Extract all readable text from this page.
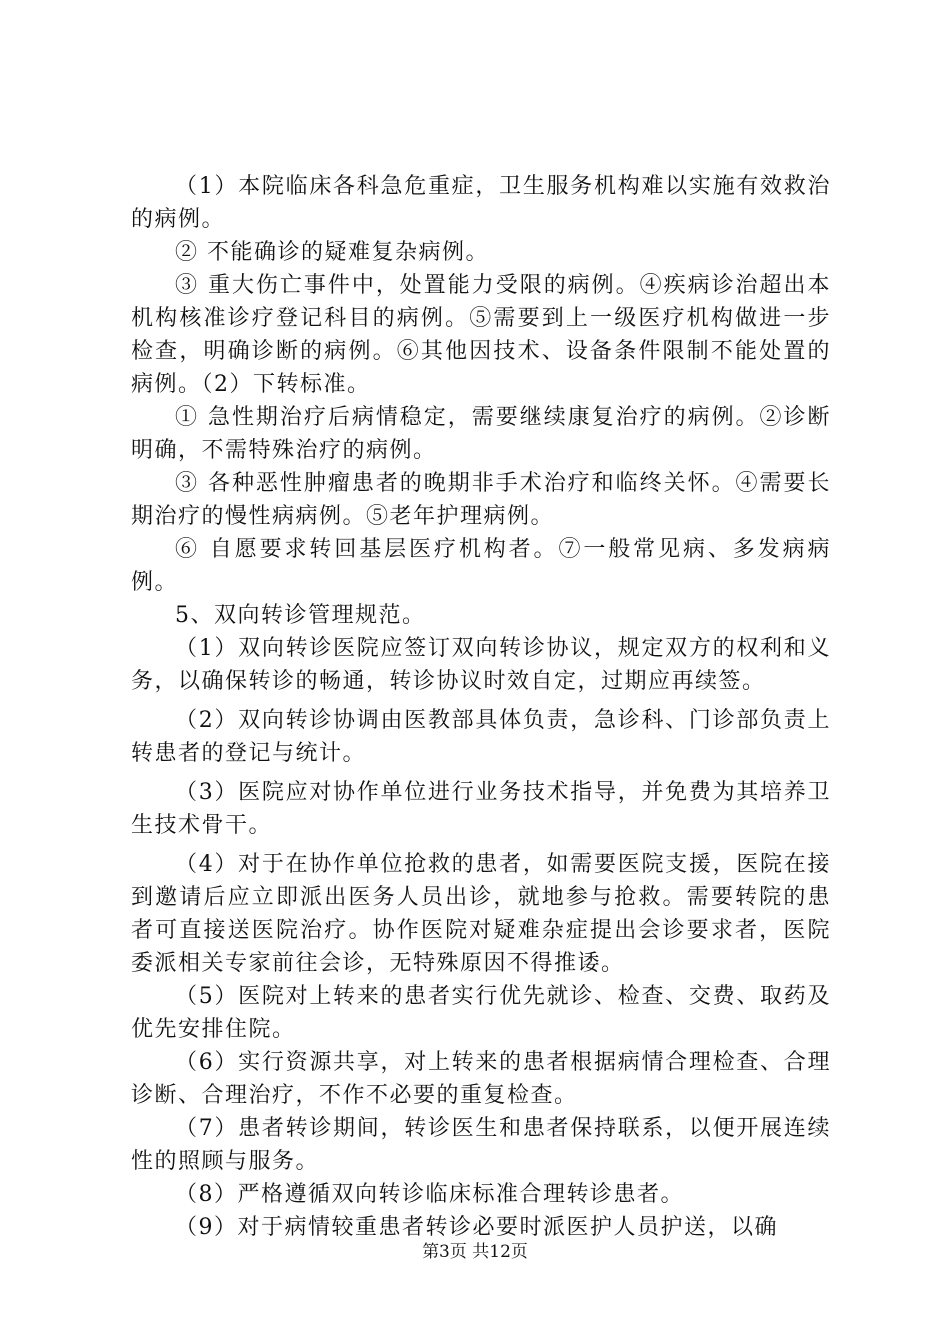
（1）本院临床各科急危重症，卫生服务机构难以实施有效救治的病例。

② 不能确诊的疑难复杂病例。

③ 重大伤亡事件中，处置能力受限的病例。④疾病诊治超出本机构核准诊疗登记科目的病例。⑤需要到上一级医疗机构做进一步检查，明确诊断的病例。⑥其他因技术、设备条件限制不能处置的病例。（2）下转标准。

① 急性期治疗后病情稳定，需要继续康复治疗的病例。②诊断明确，不需特殊治疗的病例。

③ 各种恶性肿瘤患者的晚期非手术治疗和临终关怀。④需要长期治疗的慢性病病例。⑤老年护理病例。

⑥ 自愿要求转回基层医疗机构者。⑦一般常见病、多发病病例。

5、双向转诊管理规范。

（1）双向转诊医院应签订双向转诊协议，规定双方的权利和义务，以确保转诊的畅通，转诊协议时效自定，过期应再续签。

（2）双向转诊协调由医教部具体负责，急诊科、门诊部负责上转患者的登记与统计。

（3）医院应对协作单位进行业务技术指导，并免费为其培养卫生技术骨干。

（4）对于在协作单位抢救的患者，如需要医院支援，医院在接到邀请后应立即派出医务人员出诊，就地参与抢救。需要转院的患者可直接送医院治疗。协作医院对疑难杂症提出会诊要求者，医院委派相关专家前往会诊，无特殊原因不得推诿。

（5）医院对上转来的患者实行优先就诊、检查、交费、取药及优先安排住院。

（6）实行资源共享，对上转来的患者根据病情合理检查、合理诊断、合理治疗，不作不必要的重复检查。

（7）患者转诊期间，转诊医生和患者保持联系，以便开展连续性的照顾与服务。

（8）严格遵循双向转诊临床标准合理转诊患者。

（9）对于病情较重患者转诊必要时派医护人员护送，以确

第3页 共12页
